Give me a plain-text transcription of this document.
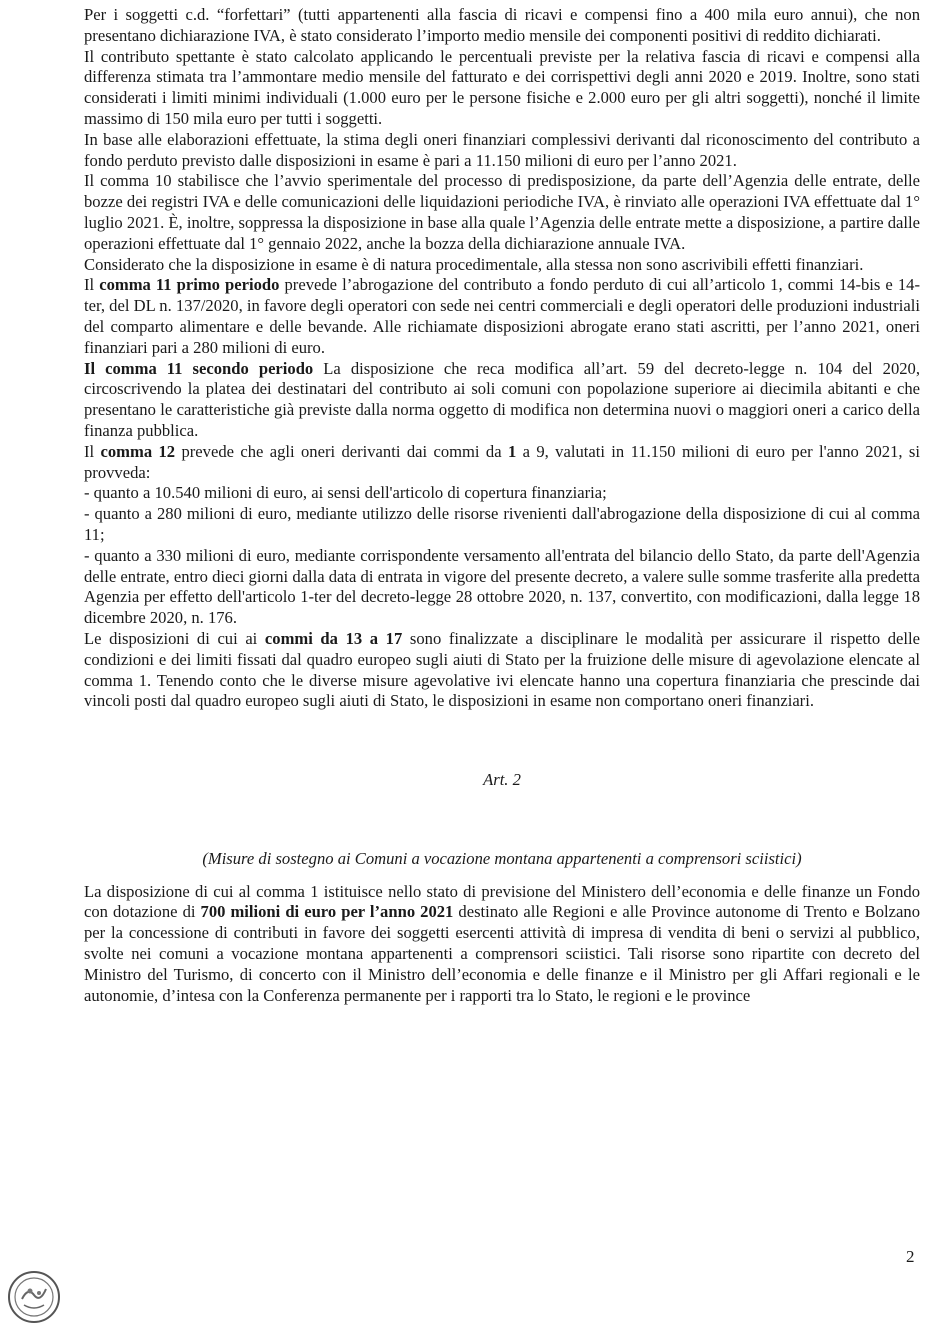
Per i soggetti c.d. “forfettari” (tutti appartenenti alla fascia di ricavi e compensi fino a 400 mila euro annui), che non presentano dichiarazione IVA, è stato considerato l’importo medio mensile dei componenti positivi di reddito dichiarati.

Il contributo spettante è stato calcolato applicando le percentuali previste per la relativa fascia di ricavi e compensi alla differenza stimata tra l’ammontare medio mensile del fatturato e dei corrispettivi degli anni 2020 e 2019. Inoltre, sono stati considerati i limiti minimi individuali (1.000 euro per le persone fisiche e 2.000 euro per gli altri soggetti), nonché il limite massimo di 150 mila euro per tutti i soggetti.

In base alle elaborazioni effettuate, la stima degli oneri finanziari complessivi derivanti dal riconoscimento del contributo a fondo perduto previsto dalle disposizioni in esame è pari a 11.150 milioni di euro per l’anno 2021.

Il comma 10 stabilisce che l’avvio sperimentale del processo di predisposizione, da parte dell’Agenzia delle entrate, delle bozze dei registri IVA e delle comunicazioni delle liquidazioni periodiche IVA, è rinviato alle operazioni IVA effettuate dal 1° luglio 2021. È, inoltre, soppressa la disposizione in base alla quale l’Agenzia delle entrate mette a disposizione, a partire dalle operazioni effettuate dal 1° gennaio 2022, anche la bozza della dichiarazione annuale IVA.

Considerato che la disposizione in esame è di natura procedimentale, alla stessa non sono ascrivibili effetti finanziari.

Il comma 11 primo periodo prevede l’abrogazione del contributo a fondo perduto di cui all’articolo 1, commi 14-bis e 14-ter, del DL n. 137/2020, in favore degli operatori con sede nei centri commerciali e degli operatori delle produzioni industriali del comparto alimentare e delle bevande. Alle richiamate disposizioni abrogate erano stati ascritti, per l’anno 2021, oneri finanziari pari a 280 milioni di euro.

Il comma 11 secondo periodo La disposizione che reca modifica all’art. 59 del decreto-legge n. 104 del 2020, circoscrivendo la platea dei destinatari del contributo ai soli comuni con popolazione superiore ai diecimila abitanti e che presentano le caratteristiche già previste dalla norma oggetto di modifica non determina nuovi o maggiori oneri a carico della finanza pubblica.

Il comma 12 prevede che agli oneri derivanti dai commi da 1 a 9, valutati in 11.150 milioni di euro per l'anno 2021, si provveda:

- quanto a 10.540 milioni di euro, ai sensi dell'articolo di copertura finanziaria;

- quanto a 280 milioni di euro, mediante utilizzo delle risorse rivenienti dall'abrogazione della disposizione di cui al comma 11;

- quanto a 330 milioni di euro, mediante corrispondente versamento all'entrata del bilancio dello Stato, da parte dell'Agenzia delle entrate, entro dieci giorni dalla data di entrata in vigore del presente decreto, a valere sulle somme trasferite alla predetta Agenzia per effetto dell'articolo 1-ter del decreto-legge 28 ottobre 2020, n. 137, convertito, con modificazioni, dalla legge 18 dicembre 2020, n. 176.

Le disposizioni di cui ai commi da 13 a 17 sono finalizzate a disciplinare le modalità per assicurare il rispetto delle condizioni e dei limiti fissati dal quadro europeo sugli aiuti di Stato per la fruizione delle misure di agevolazione elencate al comma 1. Tenendo conto che le diverse misure agevolative ivi elencate hanno una copertura finanziaria che prescinde dai vincoli posti dal quadro europeo sugli aiuti di Stato, le disposizioni in esame non comportano oneri finanziari.

Art. 2

(Misure di sostegno ai Comuni a vocazione montana appartenenti a comprensori sciistici)

La disposizione di cui al comma 1 istituisce nello stato di previsione del Ministero dell’economia e delle finanze un Fondo con dotazione di 700 milioni di euro per l’anno 2021 destinato alle Regioni e alle Province autonome di Trento e Bolzano per la concessione di contributi in favore dei soggetti esercenti attività di impresa di vendita di beni o servizi al pubblico, svolte nei comuni a vocazione montana appartenenti a comprensori sciistici. Tali risorse sono ripartite con decreto del Ministro del Turismo, di concerto con il Ministro dell’economia e delle finanze e il Ministro per gli Affari regionali e le autonomie, d’intesa con la Conferenza permanente per i rapporti tra lo Stato, le regioni e le province

2
